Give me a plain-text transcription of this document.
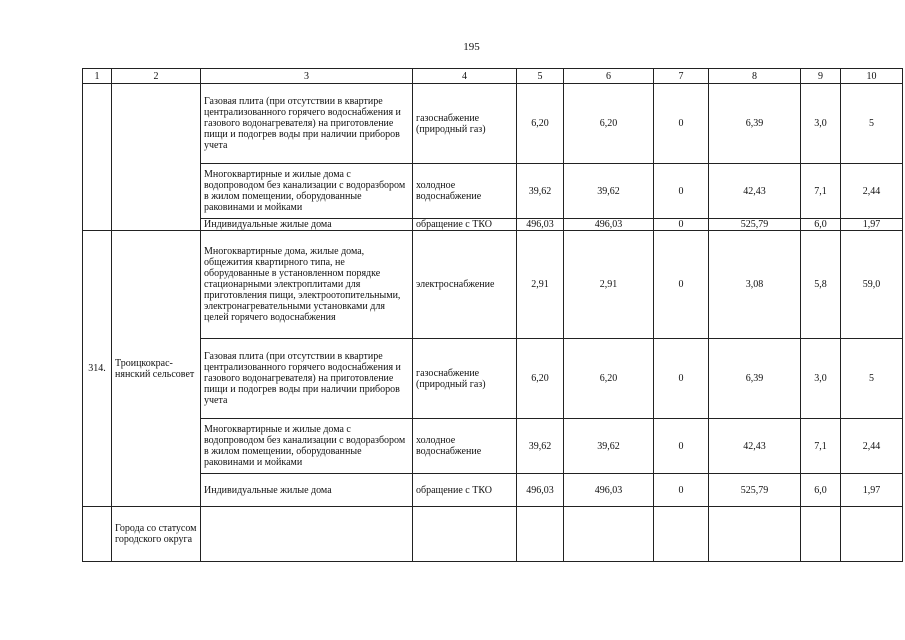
195
1	2	3	4	5	6	7	8	9	10
		Газовая плита (при отсутствии в квартире централизованного горячего водоснабжения и газового водонагревателя) на приготовление пищи и подогрев воды при наличии приборов учета	газоснабжение (природный газ)	6,20	6,20	0	6,39	3,0	5
		Многоквартирные и жилые дома с водопроводом без канализации с водоразбором в жилом помещении, оборудованные раковинами и мойками	холодное водоснабжение	39,62	39,62	0	42,43	7,1	2,44
		Индивидуальные жилые дома	обращение с ТКО	496,03	496,03	0	525,79	6,0	1,97
314.	Троицкокрас-нянский сельсовет	Многоквартирные дома, жилые дома, общежития квартирного типа, не оборудованные в установленном порядке стационарными электроплитами для приготовления пищи, электроотопительными, электронагревательными установками для целей горячего водоснабжения	электроснабжение	2,91	2,91	0	3,08	5,8	59,0
		Газовая плита (при отсутствии в квартире централизованного горячего водоснабжения и газового водонагревателя) на приготовление пищи и подогрев воды при наличии приборов учета	газоснабжение (природный газ)	6,20	6,20	0	6,39	3,0	5
		Многоквартирные и жилые дома с водопроводом без канализации с водоразбором в жилом помещении, оборудованные раковинами и мойками	холодное водоснабжение	39,62	39,62	0	42,43	7,1	2,44
		Индивидуальные жилые дома	обращение с ТКО	496,03	496,03	0	525,79	6,0	1,97
	Города со статусом городского округа								
